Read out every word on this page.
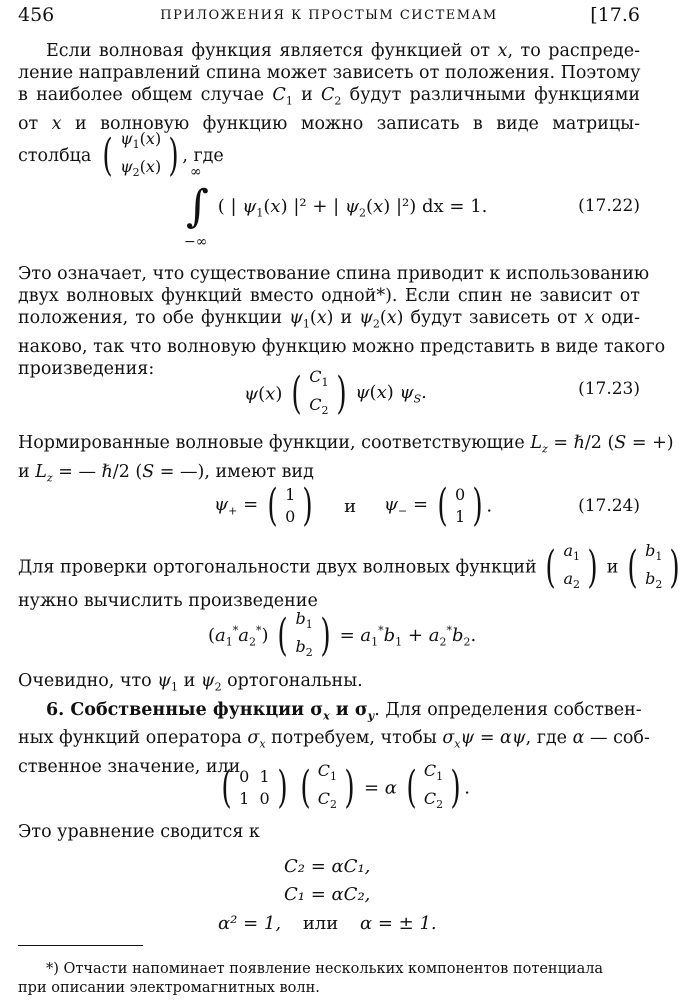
456	ПРИЛОЖЕНИЯ К ПРОСТЫМ СИСТЕМАМ	[17.6
Если волновая функция является функцией от x, то распреде-
ление направлений спина может зависеть от положения. Поэтому
в наиболее общем случае $C_1$ и $C_2$ будут различными функциями
от x и волновую функцию можно записать в виде матрицы-
столбца ( $\psi_1(x)$
$\psi_2(x)$ ) , где
∞
∫
−∞
( | $\psi_1(x) |^2$ + | $\psi_2(x)$ |²) dx = 1.	(17.22)
Это означает, что существование спина приводит к использованию
двух волновых функций вместо одной*). Если спин не зависит от
положения, то обе функции $\psi_1(x)$ и $\psi_2(x)$ будут зависеть от x оди-
наково, так что волновую функцию можно представить в виде такого
произведения:
ψ(x) ( $C_1$
$C_2$ ) ψ(x) $\psi_S$.	(17.23)
Нормированные волновые функции, соответствующие $L_z$ = ℏ/2 (S = +)
и $L_z$ = — ℏ/2 (S = —), имеют вид
$\psi_+$ = ( 1
0 ) и $\psi_-$ = ( 0
1 ) .	(17.24)
Для проверки ортогональности двух волновых функций ( $a_1$
$a_2$ ) и ( $b_1$
$b_2$ )
нужно вычислить произведение
$(a_1^*a_2^*)$ ( $b_1$
$b_2$ ) = $a_1^*b_1 + a_2^*b_2$.
Очевидно, что $\psi_1$ и $\psi_2$ ортогональны.
6. Собственные функции $\sigma_x$ и $\sigma_y$. Для определения собствен-
ных функций оператора $\sigma_x$ потребуем, чтобы $\sigma_x\psi = \alpha\psi$, где α — соб-
ственное значение, или
( 0  1
1  0 ) ( $C_1$
$C_2$ ) = α ( $C_1$
$C_2$ ) .
Это уравнение сводится к
C₂ = αC₁,
C₁ = αC₂,
α² = 1, или α = ± 1.
*) Отчасти напоминает появление нескольких компонентов потенциала
при описании электромагнитных волн.
